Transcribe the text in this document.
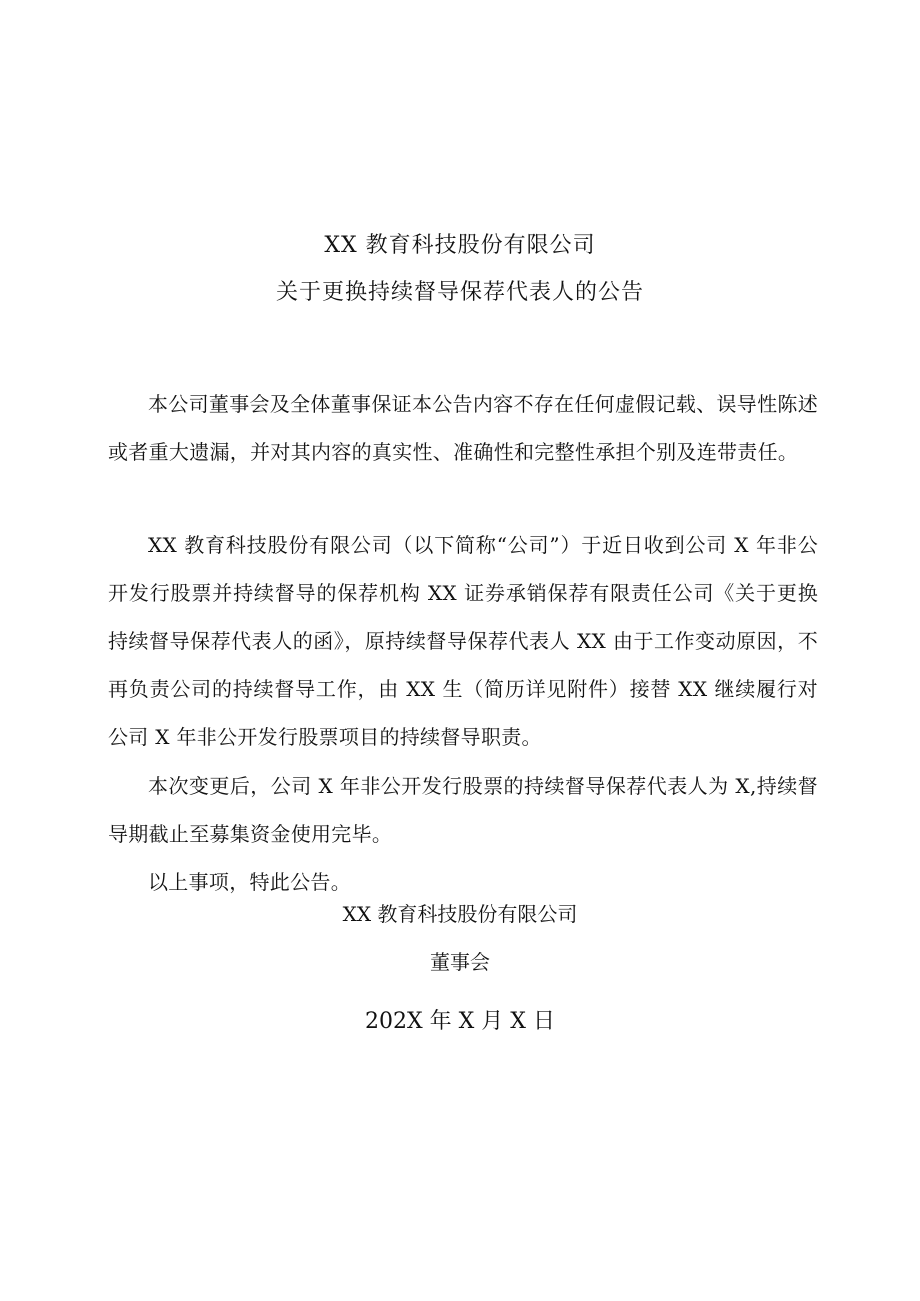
XX 教育科技股份有限公司
关于更换持续督导保荐代表人的公告

本公司董事会及全体董事保证本公告内容不存在任何虚假记载、误导性陈述或者重大遗漏，并对其内容的真实性、准确性和完整性承担个别及连带责任。

XX 教育科技股份有限公司（以下简称“公司”）于近日收到公司 X 年非公开发行股票并持续督导的保荐机构 XX 证券承销保荐有限责任公司《关于更换持续督导保荐代表人的函》，原持续督导保荐代表人 XX 由于工作变动原因，不再负责公司的持续督导工作，由 XX 生（简历详见附件）接替 XX 继续履行对公司 X 年非公开发行股票项目的持续督导职责。

本次变更后，公司 X 年非公开发行股票的持续督导保荐代表人为 X,持续督导期截止至募集资金使用完毕。

以上事项，特此公告。

XX 教育科技股份有限公司
董事会
202X 年 X 月 X 日
